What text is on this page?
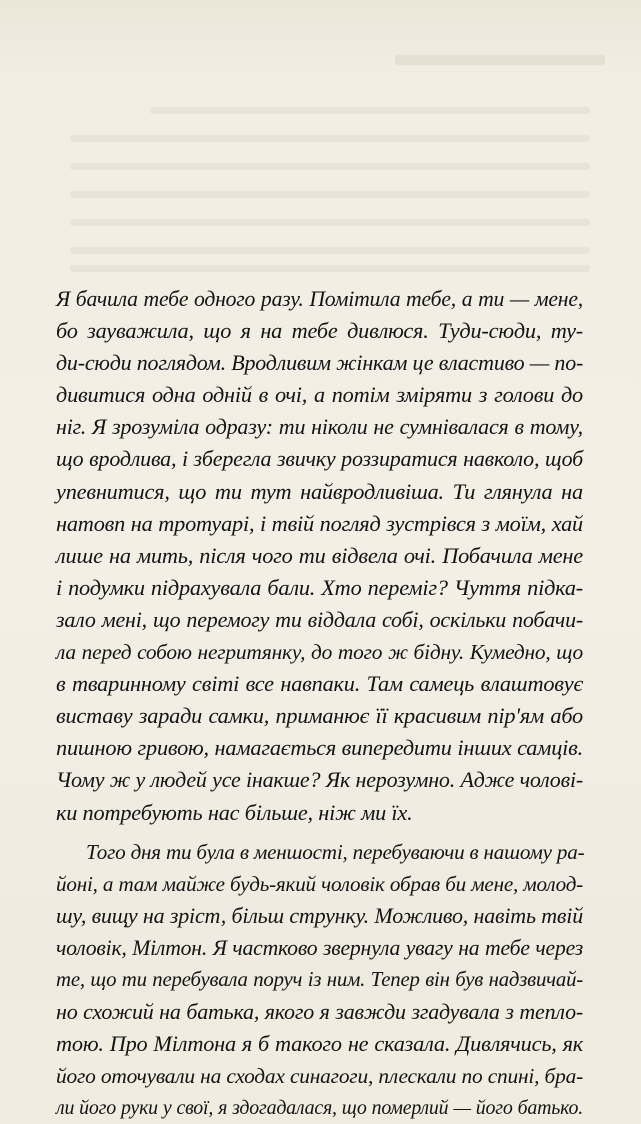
Я бачила тебе одного разу. Помітила тебе, а ти — мене,
бо зауважила, що я на тебе дивлюся. Туди-сюди, ту-
ди-сюди поглядом. Вродливим жінкам це властиво — по-
дивитися одна одній в очі, а потім зміряти з голови до
ніг. Я зрозуміла одразу: ти ніколи не сумнівалася в тому,
що вродлива, і зберегла звичку роззиратися навколо, щоб
упевнитися, що ти тут найвродливіша. Ти глянула на
натовп на тротуарі, і твій погляд зустрівся з моїм, хай
лише на мить, після чого ти відвела очі. Побачила мене
і подумки підрахувала бали. Хто переміг? Чуття підка-
зало мені, що перемогу ти віддала собі, оскільки побачи-
ла перед собою негритянку, до того ж бідну. Кумедно, що
в тваринному світі все навпаки. Там самець влаштовує
виставу заради самки, приманює її красивим пір'ям або
пишною гривою, намагається випередити інших самців.
Чому ж у людей усе інакше? Як нерозумно. Адже чолові-
ки потребують нас більше, ніж ми їх.
Того дня ти була в меншості, перебуваючи в нашому ра-
йоні, а там майже будь-який чоловік обрав би мене, молод-
шу, вищу на зріст, більш струнку. Можливо, навіть твій
чоловік, Мілтон. Я частково звернула увагу на тебе через
те, що ти перебувала поруч із ним. Тепер він був надзвичай-
но схожий на батька, якого я завжди згадувала з тепло-
тою. Про Мілтона я б такого не сказала. Дивлячись, як
його оточували на сходах синагоги, плескали по спині, бра-
ли його руки у свої, я здогадалася, що померлий — його батько.
